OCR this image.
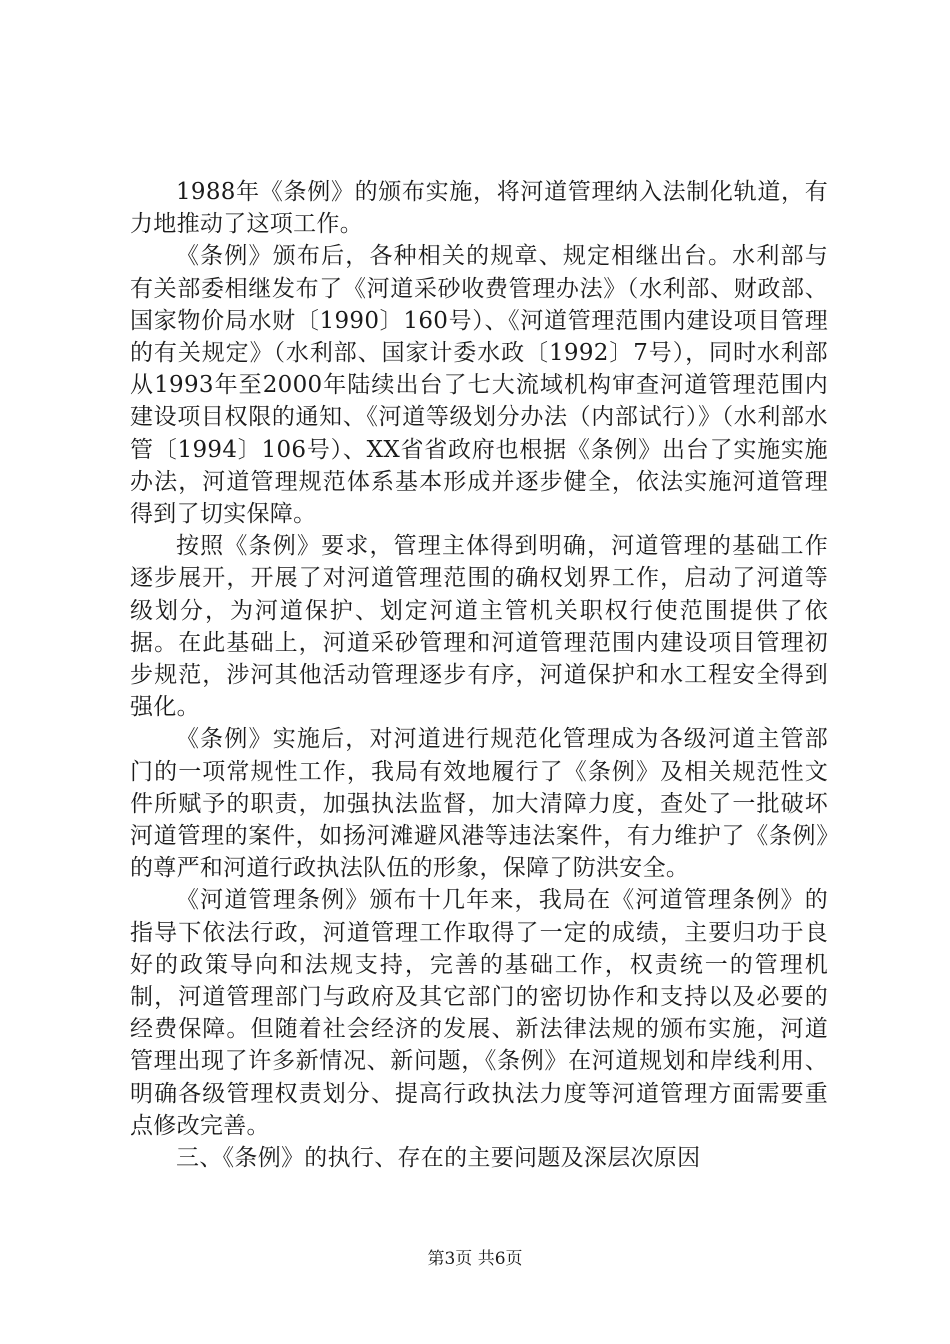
1988年《条例》的颁布实施，将河道管理纳入法制化轨道，有力地推动了这项工作。

《条例》颁布后，各种相关的规章、规定相继出台。水利部与有关部委相继发布了《河道采砂收费管理办法》（水利部、财政部、国家物价局水财〔1990〕160号）、《河道管理范围内建设项目管理的有关规定》（水利部、国家计委水政〔1992〕7号），同时水利部从1993年至2000年陆续出台了七大流域机构审查河道管理范围内建设项目权限的通知、《河道等级划分办法（内部试行）》（水利部水管〔1994〕106号）、XX省省政府也根据《条例》出台了实施实施办法，河道管理规范体系基本形成并逐步健全，依法实施河道管理得到了切实保障。

按照《条例》要求，管理主体得到明确，河道管理的基础工作逐步展开，开展了对河道管理范围的确权划界工作，启动了河道等级划分，为河道保护、划定河道主管机关职权行使范围提供了依据。在此基础上，河道采砂管理和河道管理范围内建设项目管理初步规范，涉河其他活动管理逐步有序，河道保护和水工程安全得到强化。

《条例》实施后，对河道进行规范化管理成为各级河道主管部门的一项常规性工作，我局有效地履行了《条例》及相关规范性文件所赋予的职责，加强执法监督，加大清障力度，查处了一批破坏河道管理的案件，如扬河滩避风港等违法案件，有力维护了《条例》的尊严和河道行政执法队伍的形象，保障了防洪安全。

《河道管理条例》颁布十几年来，我局在《河道管理条例》的指导下依法行政，河道管理工作取得了一定的成绩，主要归功于良好的政策导向和法规支持，完善的基础工作，权责统一的管理机制，河道管理部门与政府及其它部门的密切协作和支持以及必要的经费保障。但随着社会经济的发展、新法律法规的颁布实施，河道管理出现了许多新情况、新问题，《条例》在河道规划和岸线利用、明确各级管理权责划分、提高行政执法力度等河道管理方面需要重点修改完善。

三、《条例》的执行、存在的主要问题及深层次原因

第3页 共6页
